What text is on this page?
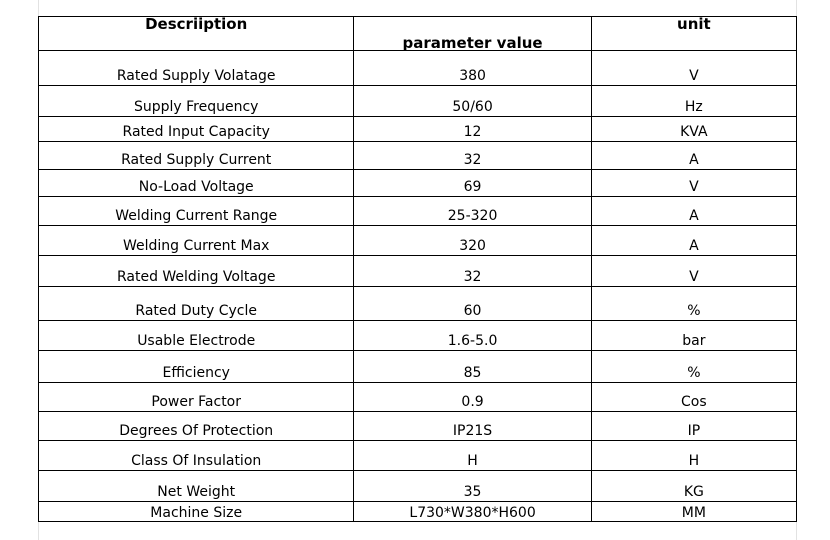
Descriiption	parameter value	unit
Rated Supply Volatage	380	V
Supply Frequency	50/60	Hz
Rated Input Capacity	12	KVA
Rated Supply Current	32	A
No-Load Voltage	69	V
Welding Current Range	25-320	A
Welding Current Max	320	A
Rated Welding Voltage	32	V
Rated Duty Cycle	60	%
Usable Electrode	1.6-5.0	bar
Efficiency	85	%
Power Factor	0.9	Cos
Degrees Of Protection	IP21S	IP
Class Of Insulation	H	H
Net Weight	35	KG
Machine Size	L730*W380*H600	MM
